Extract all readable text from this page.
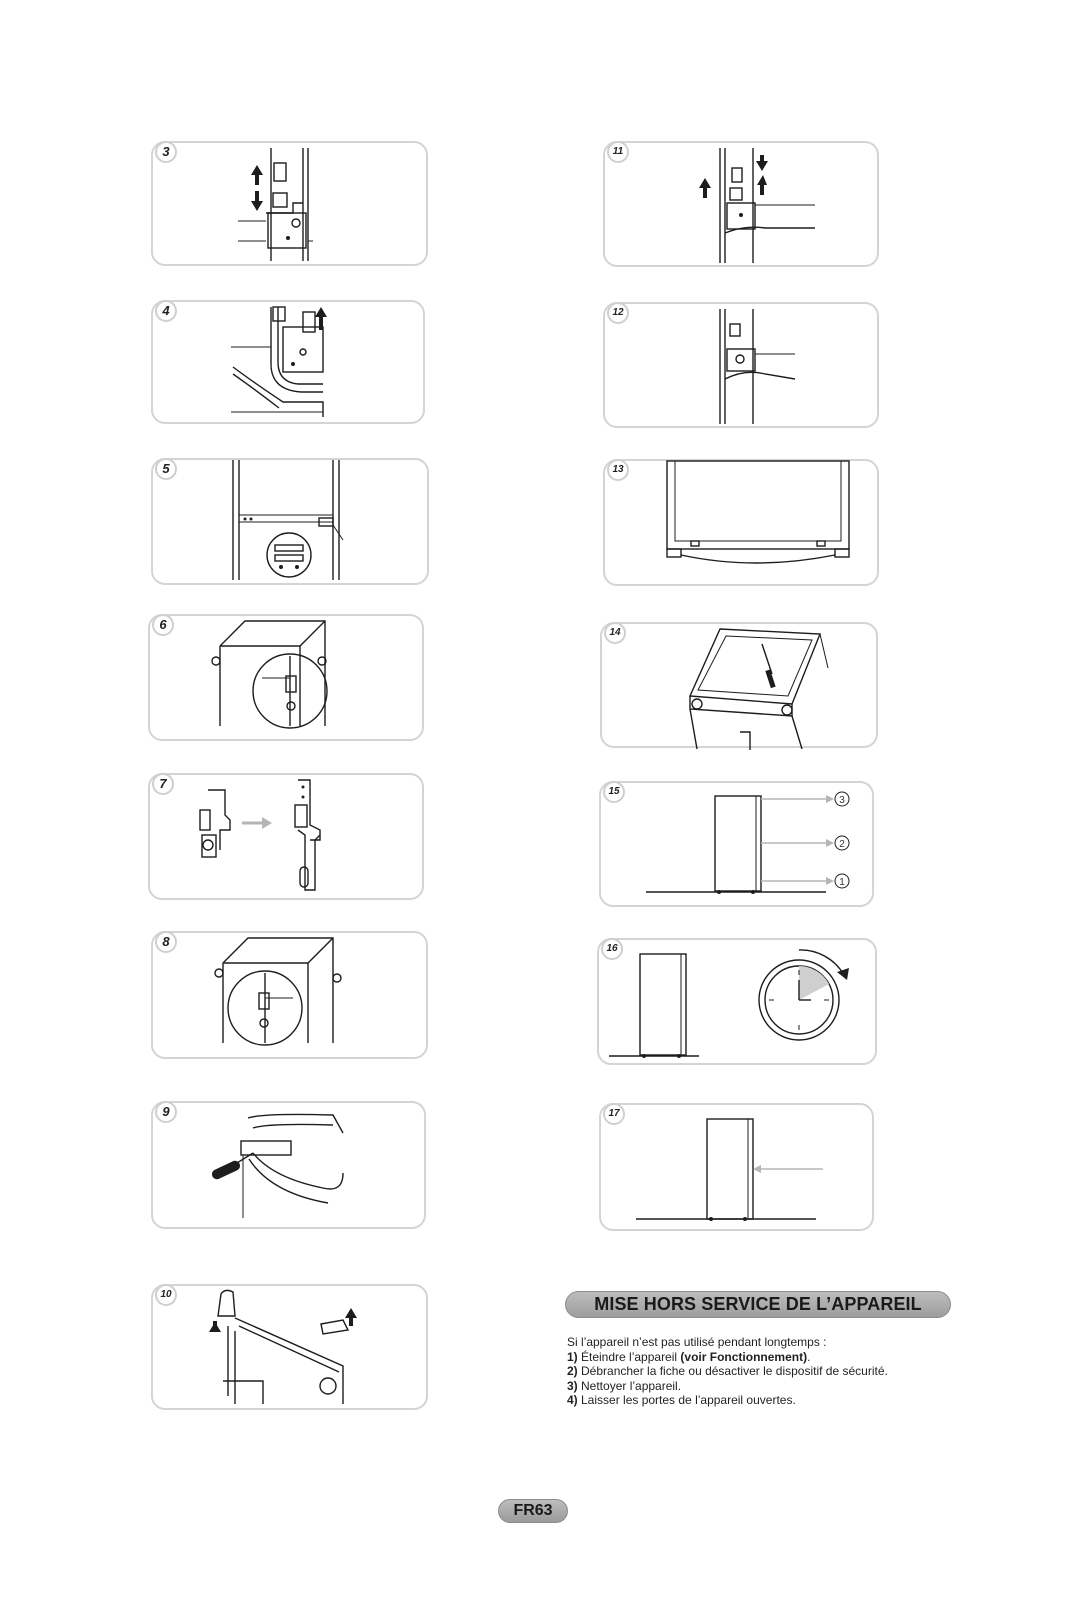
3
4
5
6
7
8
9
10
11
12
13
14
15
3
2
1
16
17
MISE HORS SERVICE DE L’APPAREIL

Si l’appareil n’est pas utilisé pendant longtemps :

1) Éteindre l’appareil (voir Fonctionnement).

2) Débrancher la fiche ou désactiver le dispositif de sécurité.

3) Nettoyer l’appareil.

4) Laisser les portes de l’appareil ouvertes.

FR63
